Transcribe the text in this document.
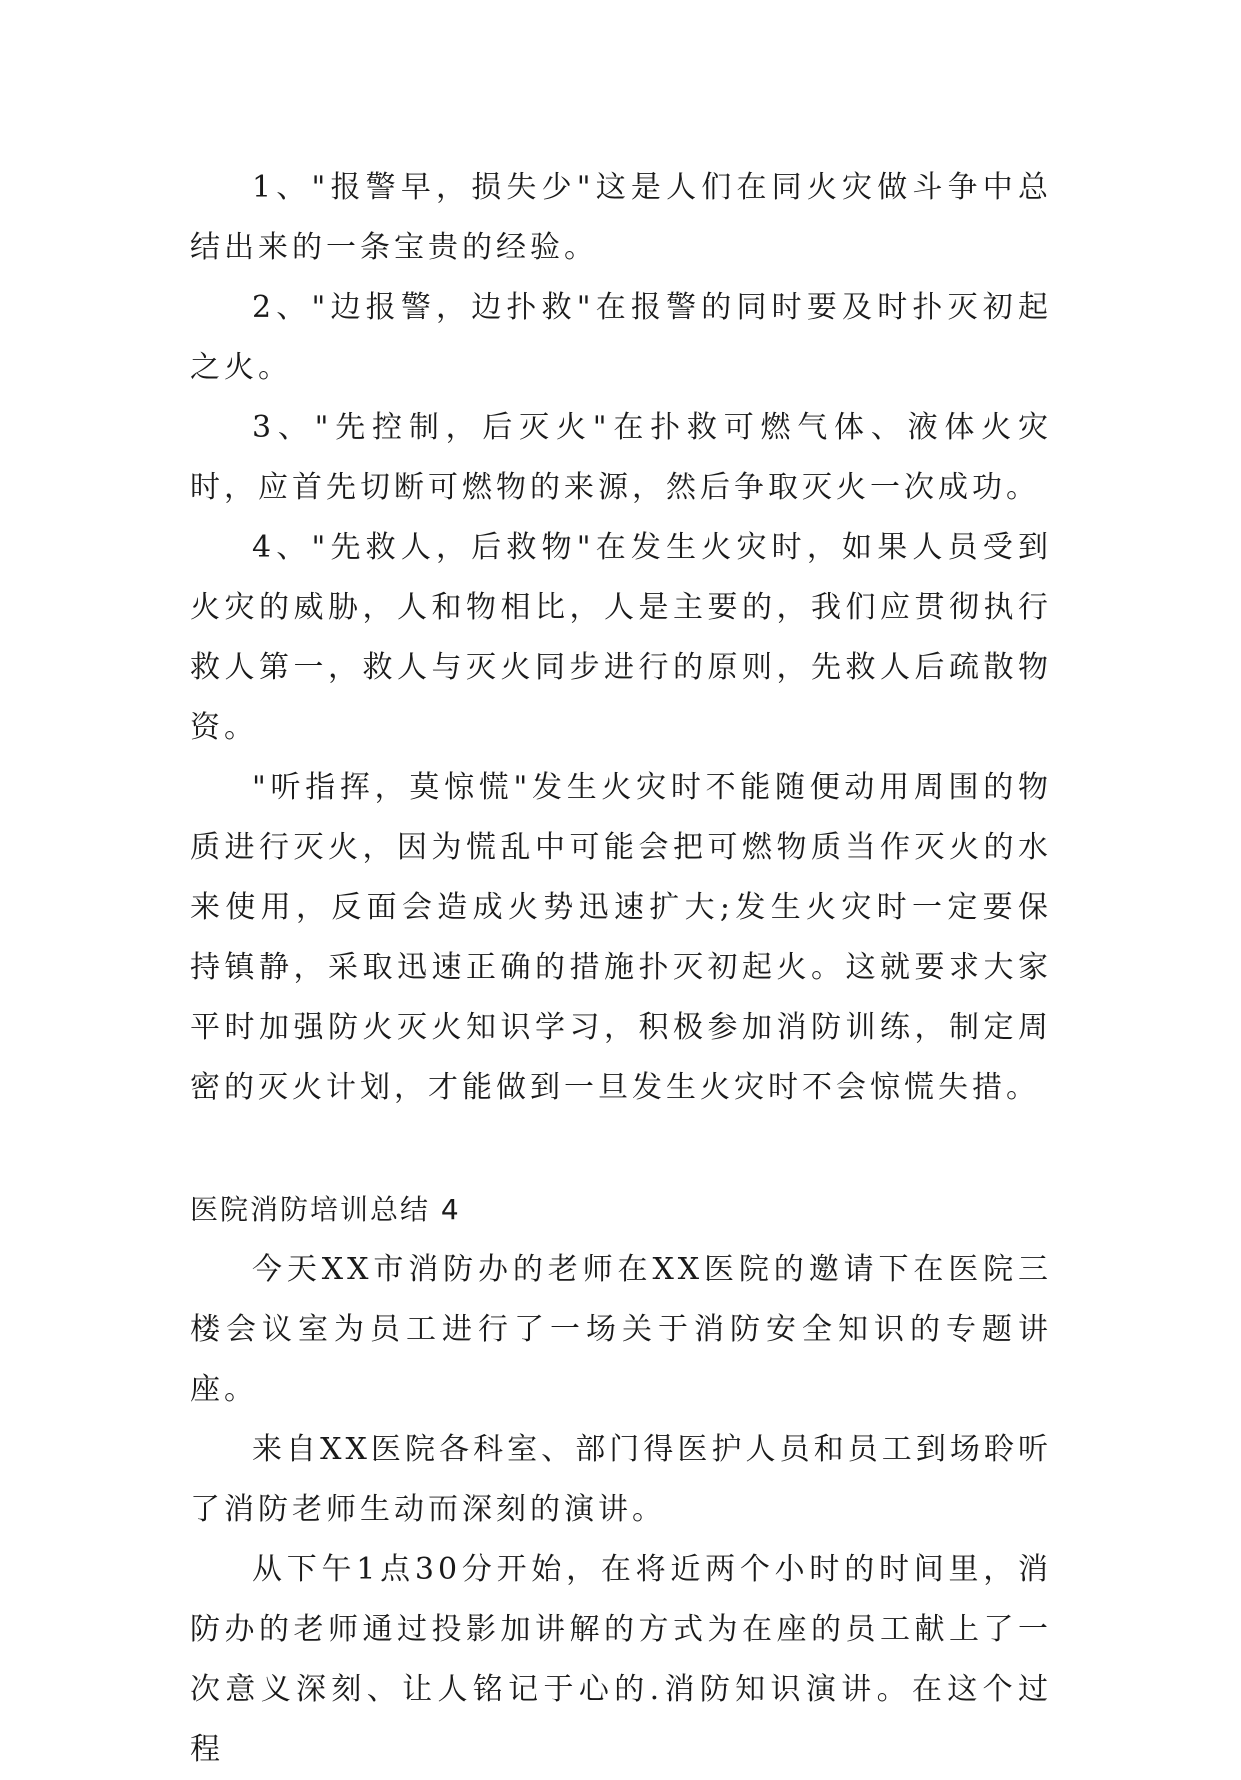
1、"报警早，损失少"这是人们在同火灾做斗争中总结出来的一条宝贵的经验。

2、"边报警，边扑救"在报警的同时要及时扑灭初起之火。

3、"先控制，后灭火"在扑救可燃气体、液体火灾时，应首先切断可燃物的来源，然后争取灭火一次成功。

4、"先救人，后救物"在发生火灾时，如果人员受到火灾的威胁，人和物相比，人是主要的，我们应贯彻执行救人第一，救人与灭火同步进行的原则，先救人后疏散物资。

"听指挥，莫惊慌"发生火灾时不能随便动用周围的物质进行灭火，因为慌乱中可能会把可燃物质当作灭火的水来使用，反面会造成火势迅速扩大;发生火灾时一定要保持镇静，采取迅速正确的措施扑灭初起火。这就要求大家平时加强防火灭火知识学习，积极参加消防训练，制定周密的灭火计划，才能做到一旦发生火灾时不会惊慌失措。

医院消防培训总结 4

今天XX市消防办的老师在XX医院的邀请下在医院三楼会议室为员工进行了一场关于消防安全知识的专题讲座。

来自XX医院各科室、部门得医护人员和员工到场聆听了消防老师生动而深刻的演讲。

从下午1点30分开始，在将近两个小时的时间里，消防办的老师通过投影加讲解的方式为在座的员工献上了一次意义深刻、让人铭记于心的.消防知识演讲。在这个过程
